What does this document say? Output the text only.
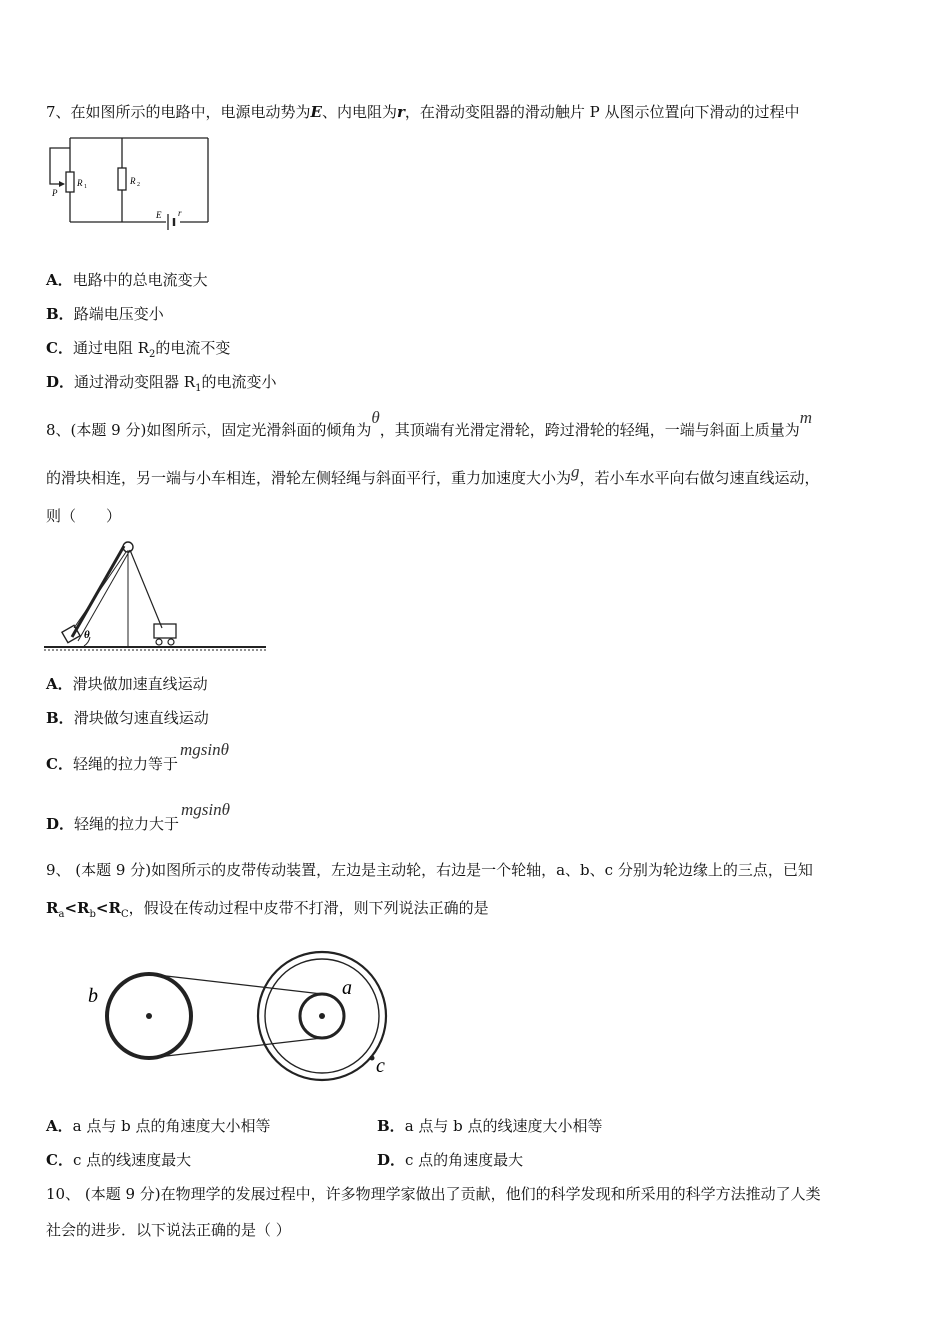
7、在如图所示的电路中，电源电动势为E、内电阻为r，在滑动变阻器的滑动触片 P 从图示位置向下滑动的过程中
P
R 1
R 2
E r
A．电路中的总电流变大
B．路端电压变小
C．通过电阻 $R_2$的电流不变
D．通过滑动变阻器 $R_1$的电流变小
8、(本题 9 分)如图所示，固定光滑斜面的倾角为θ，其顶端有光滑定滑轮，跨过滑轮的轻绳，一端与斜面上质量为m
的滑块相连，另一端与小车相连，滑轮左侧轻绳与斜面平行，重力加速度大小为g，若小车水平向右做匀速直线运动，
则（　　）
θ
A．滑块做加速直线运动
B．滑块做匀速直线运动
C．轻绳的拉力等于mgsinθ
D．轻绳的拉力大于mgsinθ
9、 (本题 9 分)如图所示的皮带传动装置，左边是主动轮，右边是一个轮轴，a、b、c 分别为轮边缘上的三点，已知
$R_a<R_b<R_C$，假设在传动过程中皮带不打滑，则下列说法正确的是
b	a
c
A．a 点与 b 点的角速度大小相等	B．a 点与 b 点的线速度大小相等
C．c 点的线速度最大	D．c 点的角速度最大
10、 (本题 9 分)在物理学的发展过程中，许多物理学家做出了贡献，他们的科学发现和所采用的科学方法推动了人类
社会的进步．以下说法正确的是（ ）
